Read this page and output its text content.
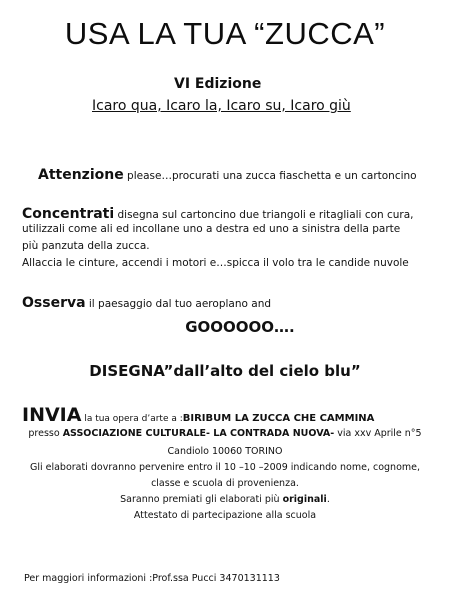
USA LA TUA “ZUCCA”
VI Edizione
Icaro qua, Icaro la, Icaro su, Icaro giù
Attenzione please…procurati una zucca fiaschetta e un cartoncino
Concentrati disegna sul cartoncino due triangoli e ritagliali con cura,
utilizzali come ali ed incollane uno a destra ed uno a sinistra della parte
più panzuta della zucca.
Allaccia le cinture, accendi i motori e…spicca il volo tra le candide nuvole
Osserva il paesaggio dal tuo aeroplano and
GOOOOOO….
DISEGNA”dall’alto del cielo blu”
INVIA la tua opera d’arte a :BIRIBUM LA ZUCCA CHE CAMMINA
presso ASSOCIAZIONE CULTURALE- LA CONTRADA NUOVA- via xxv Aprile n°5
Candiolo 10060 TORINO
Gli elaborati dovranno pervenire entro il 10 –10 –2009 indicando nome, cognome,
classe e scuola di provenienza.
Saranno premiati gli elaborati più originali.
Attestato di partecipazione alla scuola
Per maggiori informazioni :Prof.ssa Pucci 3470131113
